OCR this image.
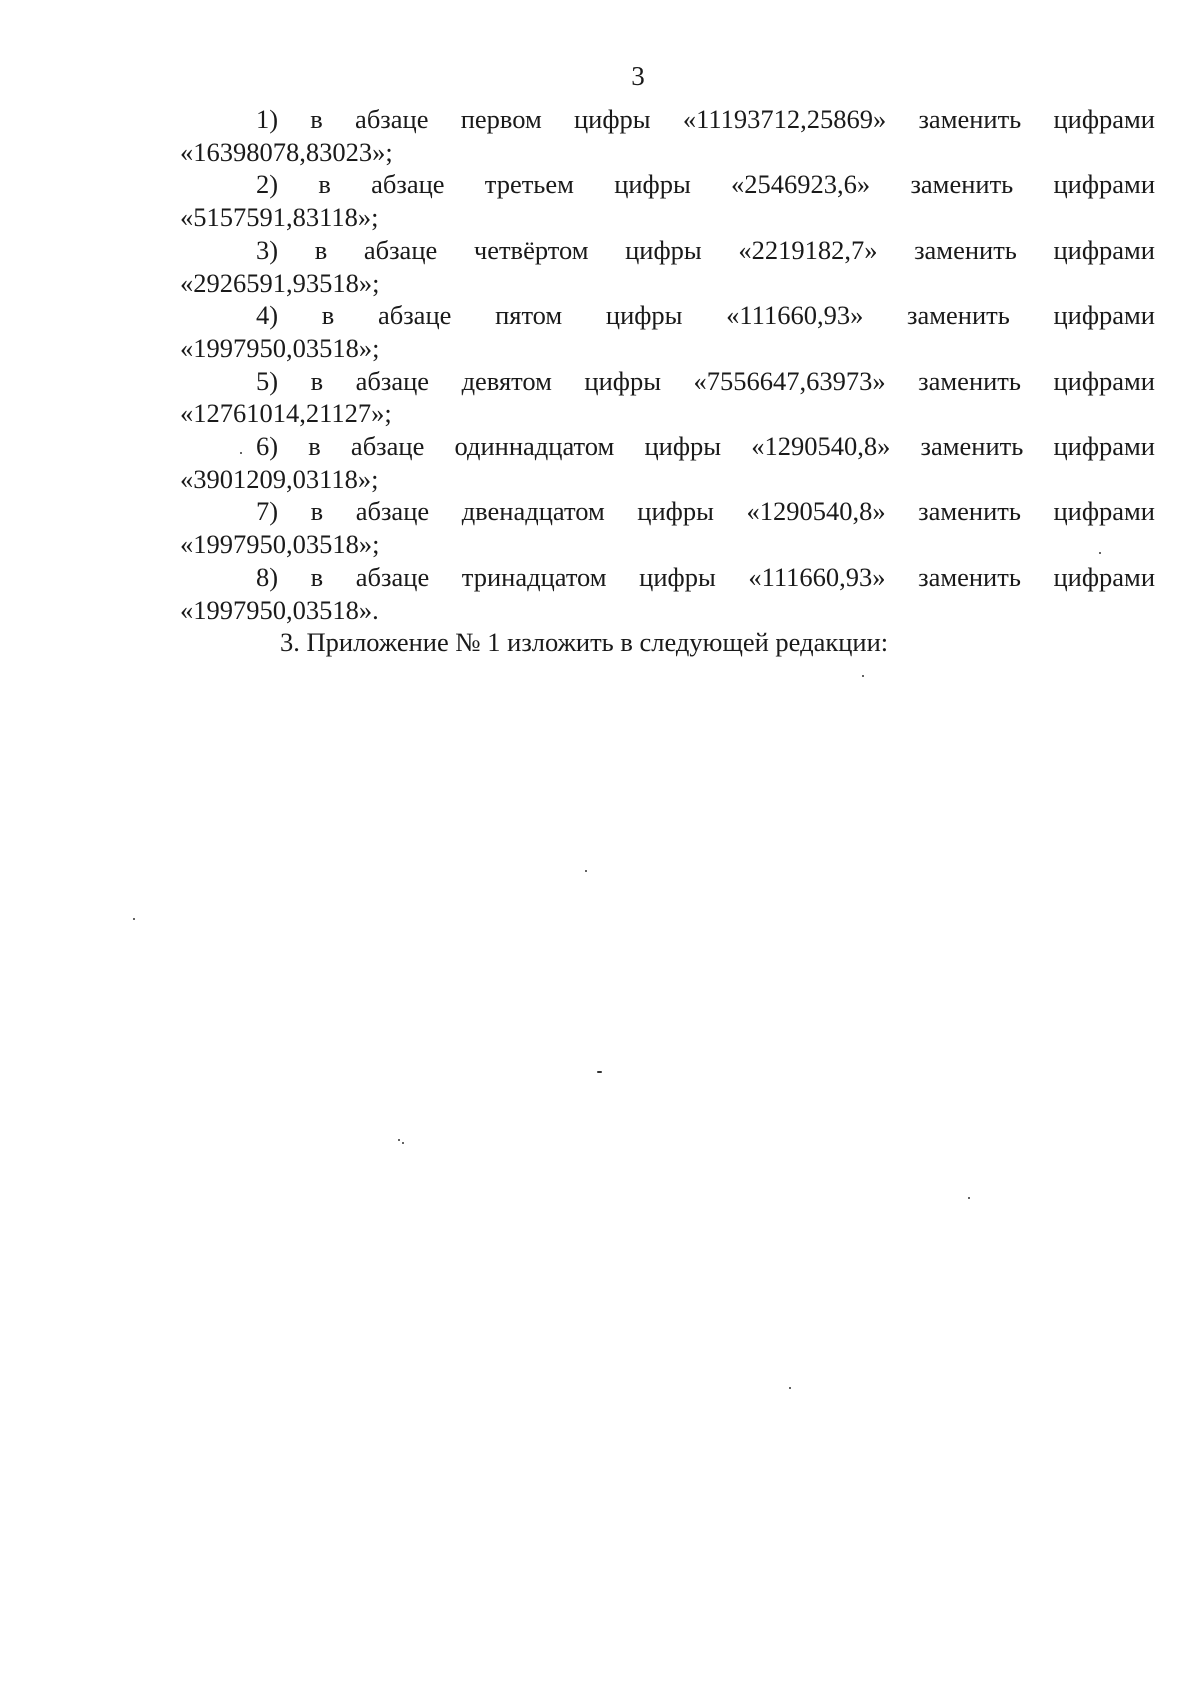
3

1) в абзаце первом цифры «11193712,25869» заменить цифрами
«16398078,83023»;

2) в абзаце третьем цифры «2546923,6» заменить цифрами
«5157591,83118»;

3) в абзаце четвёртом цифры «2219182,7» заменить цифрами
«2926591,93518»;

4) в абзаце пятом цифры «111660,93» заменить цифрами
«1997950,03518»;

5) в абзаце девятом цифры «7556647,63973» заменить цифрами
«12761014,21127»;

6) в абзаце одиннадцатом цифры «1290540,8» заменить цифрами
«3901209,03118»;

7) в абзаце двенадцатом цифры «1290540,8» заменить цифрами
«1997950,03518»;

8) в абзаце тринадцатом цифры «111660,93» заменить цифрами
«1997950,03518».

3. Приложение № 1 изложить в следующей редакции:
